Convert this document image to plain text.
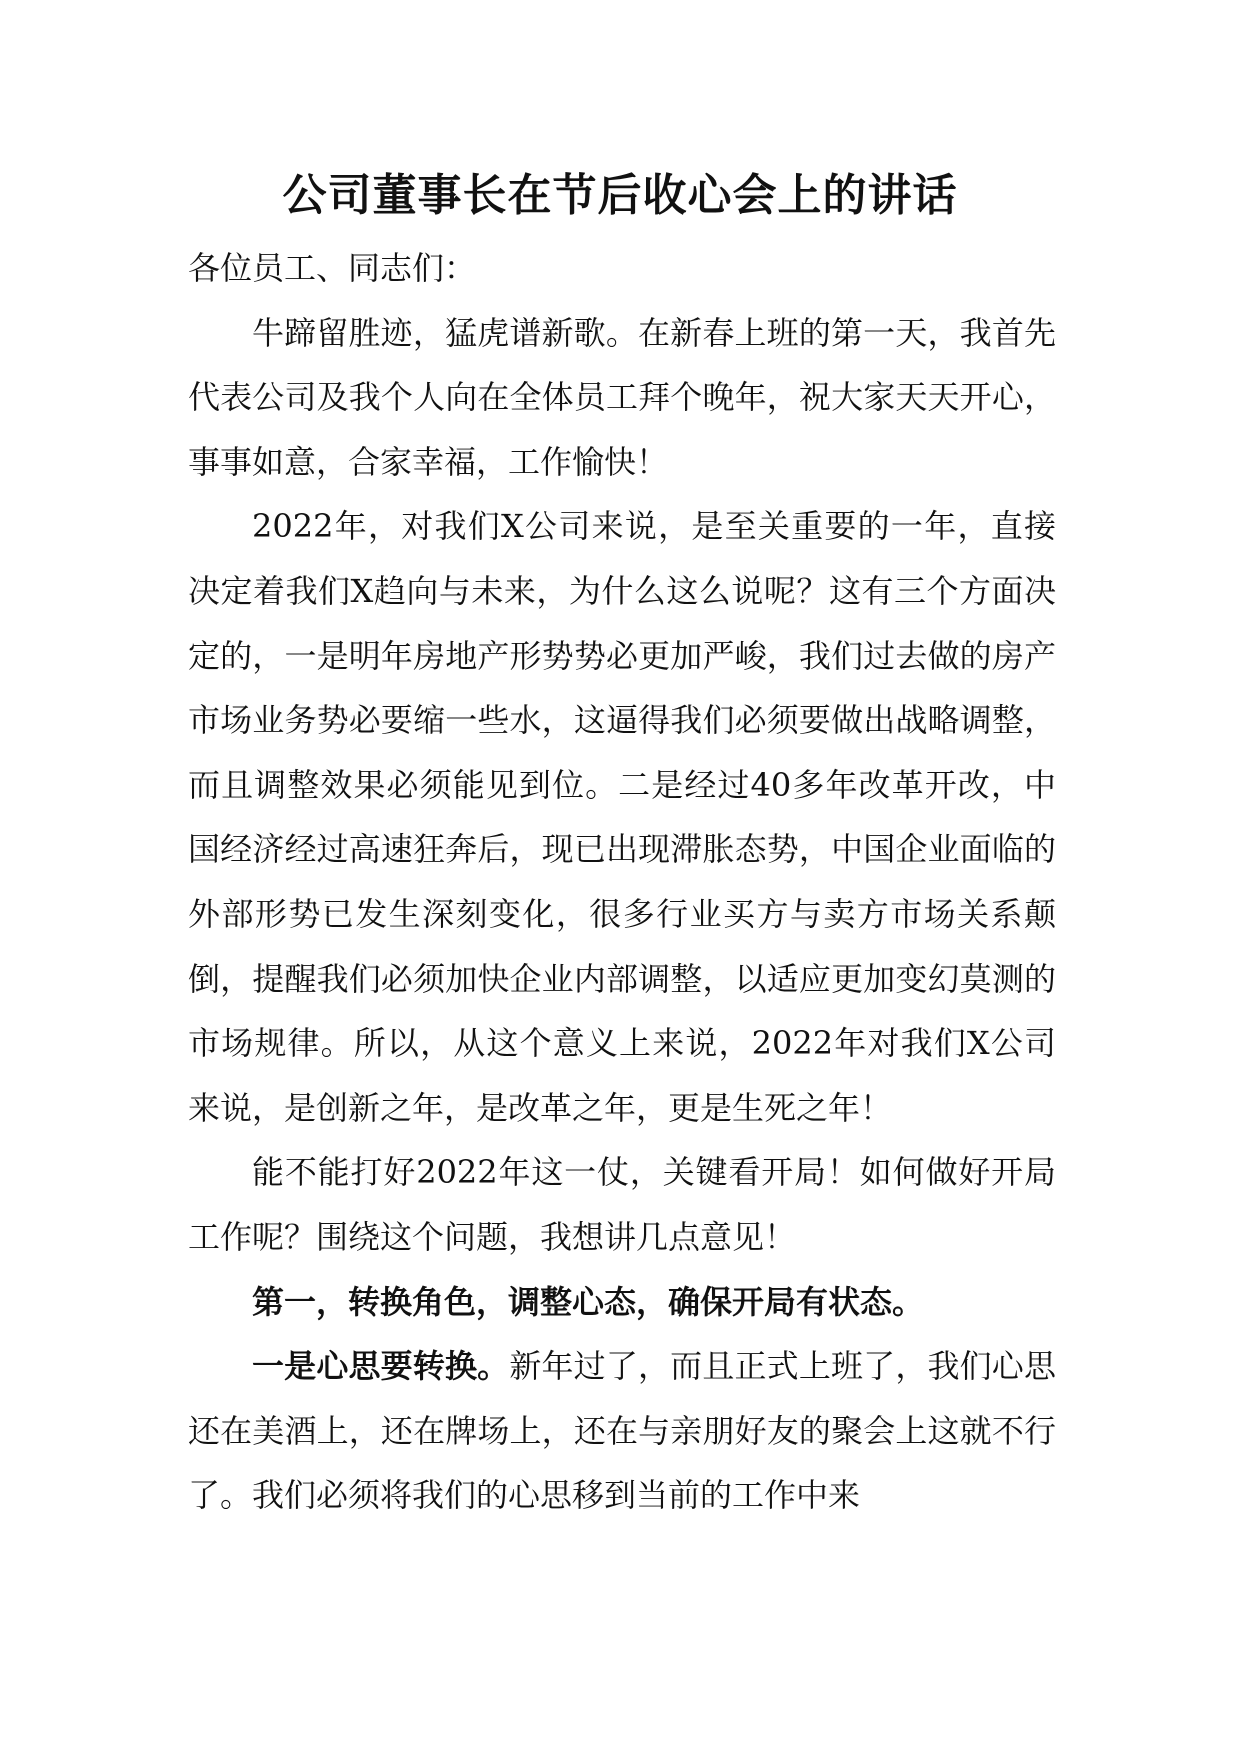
公司董事长在节后收心会上的讲话

各位员工、同志们：

牛蹄留胜迹，猛虎谱新歌。在新春上班的第一天，我首先代表公司及我个人向在全体员工拜个晚年，祝大家天天开心，事事如意，合家幸福，工作愉快！

2022年，对我们X公司来说，是至关重要的一年，直接决定着我们X趋向与未来，为什么这么说呢？这有三个方面决定的，一是明年房地产形势势必更加严峻，我们过去做的房产市场业务势必要缩一些水，这逼得我们必须要做出战略调整，而且调整效果必须能见到位。二是经过40多年改革开改，中国经济经过高速狂奔后，现已出现滞胀态势，中国企业面临的外部形势已发生深刻变化，很多行业买方与卖方市场关系颠倒，提醒我们必须加快企业内部调整，以适应更加变幻莫测的市场规律。所以，从这个意义上来说，2022年对我们X公司来说，是创新之年，是改革之年，更是生死之年！

能不能打好2022年这一仗，关键看开局！如何做好开局工作呢？围绕这个问题，我想讲几点意见！

第一，转换角色，调整心态，确保开局有状态。

一是心思要转换。新年过了，而且正式上班了，我们心思还在美酒上，还在牌场上，还在与亲朋好友的聚会上这就不行了。我们必须将我们的心思移到当前的工作中来
